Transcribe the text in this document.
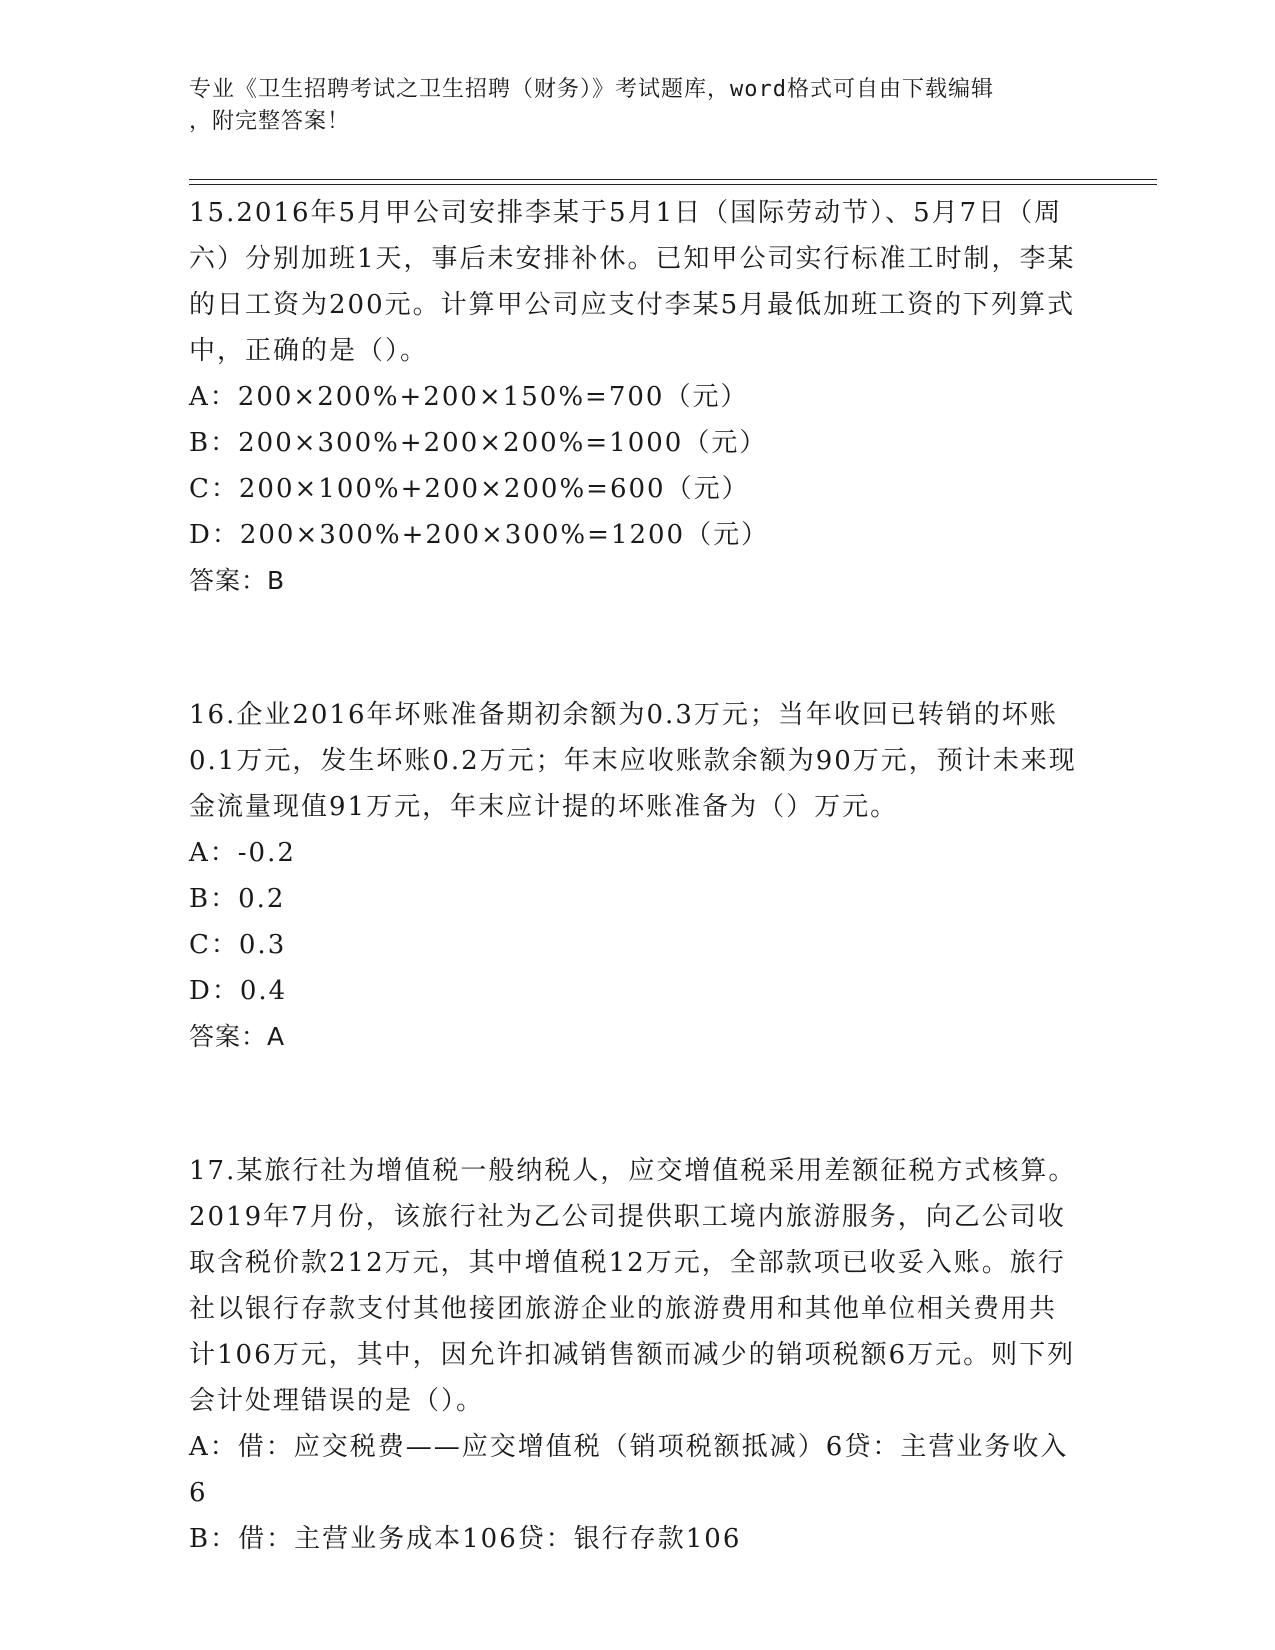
专业《卫生招聘考试之卫生招聘（财务）》考试题库，word格式可自由下载编辑
，附完整答案！

15.2016年5月甲公司安排李某于5月1日（国际劳动节）、5月7日（周六）分别加班1天，事后未安排补休。已知甲公司实行标准工时制，李某的日工资为200元。计算甲公司应支付李某5月最低加班工资的下列算式中，正确的是（）。

A：200×200%+200×150%=700（元）

B：200×300%+200×200%=1000（元）

C：200×100%+200×200%=600（元）

D：200×300%+200×300%=1200（元）

答案：B

16.企业2016年坏账准备期初余额为0.3万元；当年收回已转销的坏账0.1万元，发生坏账0.2万元；年末应收账款余额为90万元，预计未来现金流量现值91万元，年末应计提的坏账准备为（）万元。

A：-0.2

B：0.2

C：0.3

D：0.4

答案：A

17.某旅行社为增值税一般纳税人，应交增值税采用差额征税方式核算。2019年7月份，该旅行社为乙公司提供职工境内旅游服务，向乙公司收取含税价款212万元，其中增值税12万元，全部款项已收妥入账。旅行社以银行存款支付其他接团旅游企业的旅游费用和其他单位相关费用共计106万元，其中，因允许扣减销售额而减少的销项税额6万元。则下列会计处理错误的是（）。

A：借：应交税费——应交增值税（销项税额抵减）6贷：主营业务收入6

B：借：主营业务成本106贷：银行存款106
